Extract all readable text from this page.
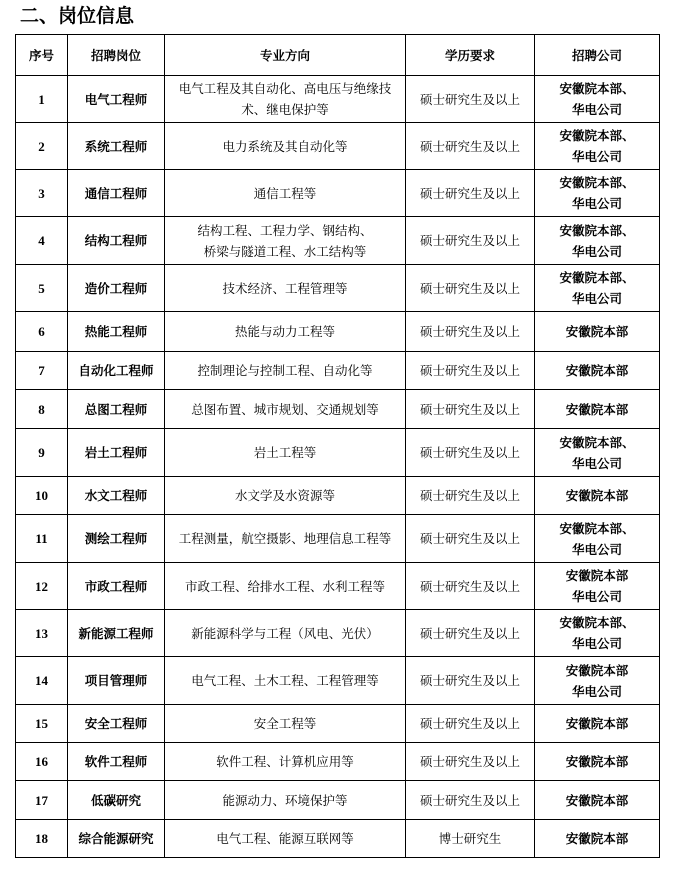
二、岗位信息
序号	招聘岗位	专业方向	学历要求	招聘公司
1	电气工程师	电气工程及其自动化、高电压与绝缘技
术、继电保护等	硕士研究生及以上	安徽院本部、
华电公司

2	系统工程师	电力系统及其自动化等	硕士研究生及以上	安徽院本部、
华电公司

3	通信工程师	通信工程等	硕士研究生及以上	安徽院本部、
华电公司

4	结构工程师	结构工程、工程力学、钢结构、
桥梁与隧道工程、水工结构等	硕士研究生及以上	安徽院本部、
华电公司

5	造价工程师	技术经济、工程管理等	硕士研究生及以上	安徽院本部、
华电公司

6	热能工程师	热能与动力工程等	硕士研究生及以上	安徽院本部

7	自动化工程师	控制理论与控制工程、自动化等	硕士研究生及以上	安徽院本部

8	总图工程师	总图布置、城市规划、交通规划等	硕士研究生及以上	安徽院本部

9	岩土工程师	岩土工程等	硕士研究生及以上	安徽院本部、
华电公司

10	水文工程师	水文学及水资源等	硕士研究生及以上	安徽院本部

11	测绘工程师	工程测量，航空摄影、地理信息工程等	硕士研究生及以上	安徽院本部、
华电公司

12	市政工程师	市政工程、给排水工程、水利工程等	硕士研究生及以上	安徽院本部
华电公司

13	新能源工程师	新能源科学与工程（风电、光伏）	硕士研究生及以上	安徽院本部、
华电公司

14	项目管理师	电气工程、土木工程、工程管理等	硕士研究生及以上	安徽院本部
华电公司

15	安全工程师	安全工程等	硕士研究生及以上	安徽院本部

16	软件工程师	软件工程、计算机应用等	硕士研究生及以上	安徽院本部

17	低碳研究	能源动力、环境保护等	硕士研究生及以上	安徽院本部

18	综合能源研究	电气工程、能源互联网等	博士研究生	安徽院本部
